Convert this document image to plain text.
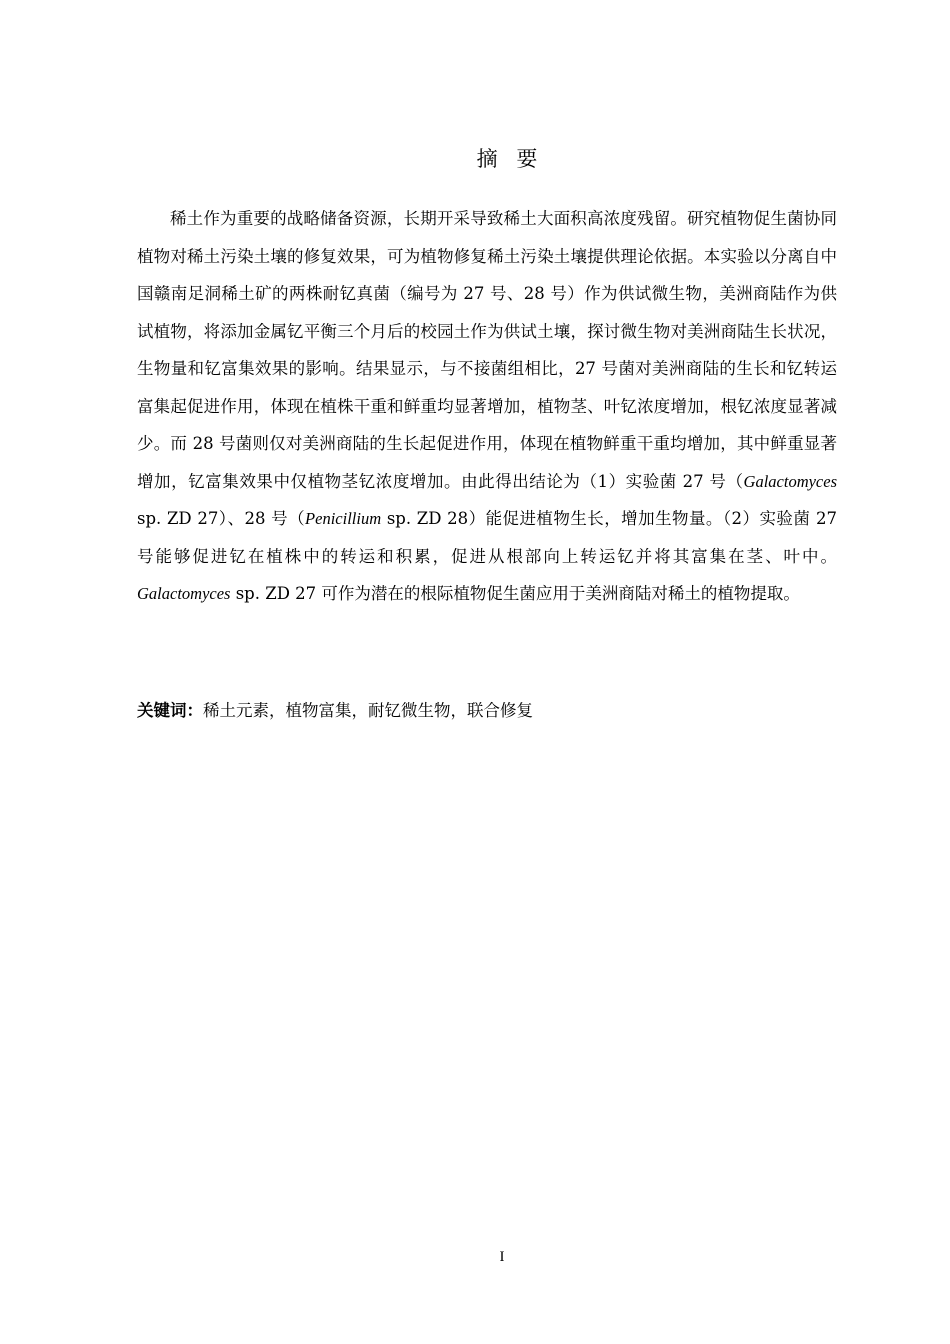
摘 要

稀土作为重要的战略储备资源，长期开采导致稀土大面积高浓度残留。研究植物促生菌协同植物对稀土污染土壤的修复效果，可为植物修复稀土污染土壤提供理论依据。本实验以分离自中国赣南足洞稀土矿的两株耐钇真菌（编号为 27 号、28 号）作为供试微生物，美洲商陆作为供试植物，将添加金属钇平衡三个月后的校园土作为供试土壤，探讨微生物对美洲商陆生长状况，生物量和钇富集效果的影响。结果显示，与不接菌组相比，27 号菌对美洲商陆的生长和钇转运富集起促进作用，体现在植株干重和鲜重均显著增加，植物茎、叶钇浓度增加，根钇浓度显著减少。而 28 号菌则仅对美洲商陆的生长起促进作用，体现在植物鲜重干重均增加，其中鲜重显著增加，钇富集效果中仅植物茎钇浓度增加。由此得出结论为（1）实验菌 27 号（Galactomyces sp. ZD 27）、28 号（Penicillium sp. ZD 28）能促进植物生长，增加生物量。（2）实验菌 27 号能够促进钇在植株中的转运和积累，促进从根部向上转运钇并将其富集在茎、叶中。Galactomyces sp. ZD 27 可作为潜在的根际植物促生菌应用于美洲商陆对稀土的植物提取。

关键词：稀土元素，植物富集，耐钇微生物，联合修复
I
